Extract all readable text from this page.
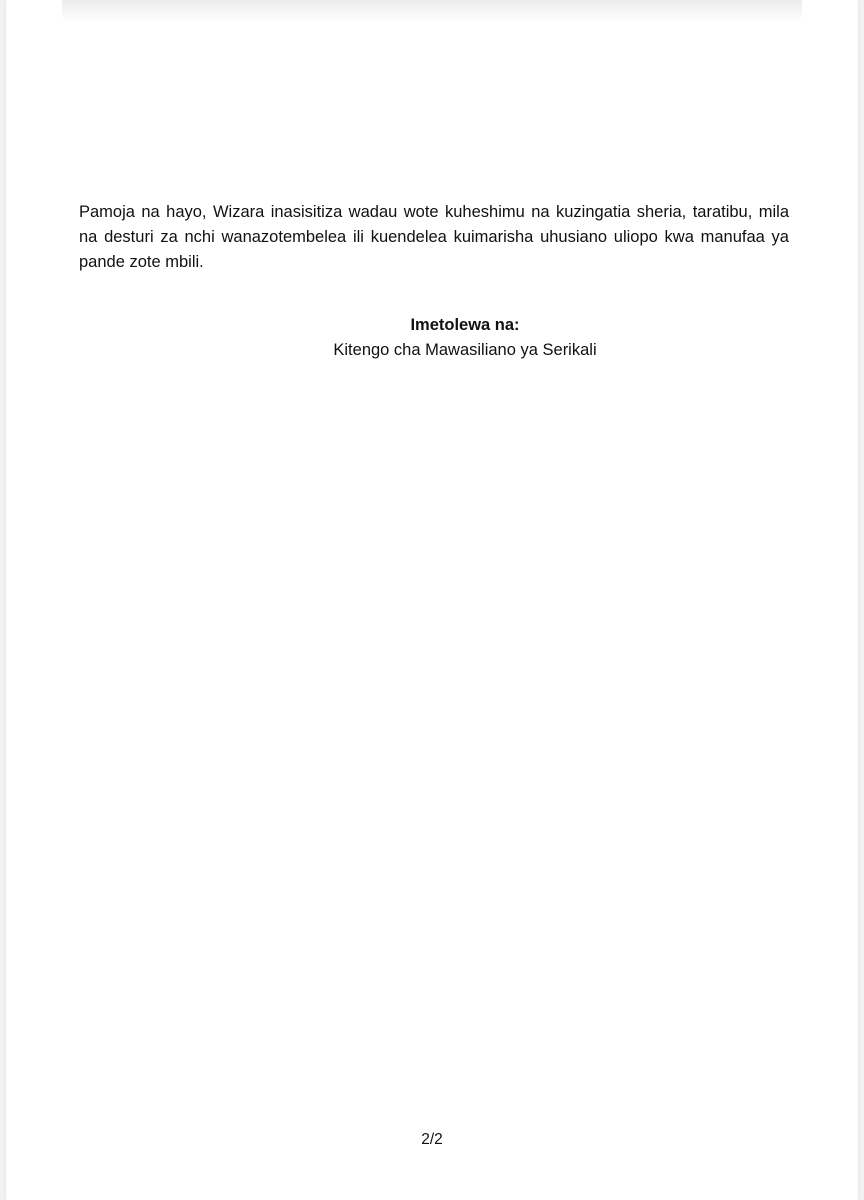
Pamoja na hayo, Wizara inasisitiza wadau wote kuheshimu na kuzingatia sheria, taratibu, mila na desturi za nchi wanazotembelea ili kuendelea kuimarisha uhusiano uliopo kwa manufaa ya pande zote mbili.

Imetolewa na:
Kitengo cha Mawasiliano ya Serikali
2/2
